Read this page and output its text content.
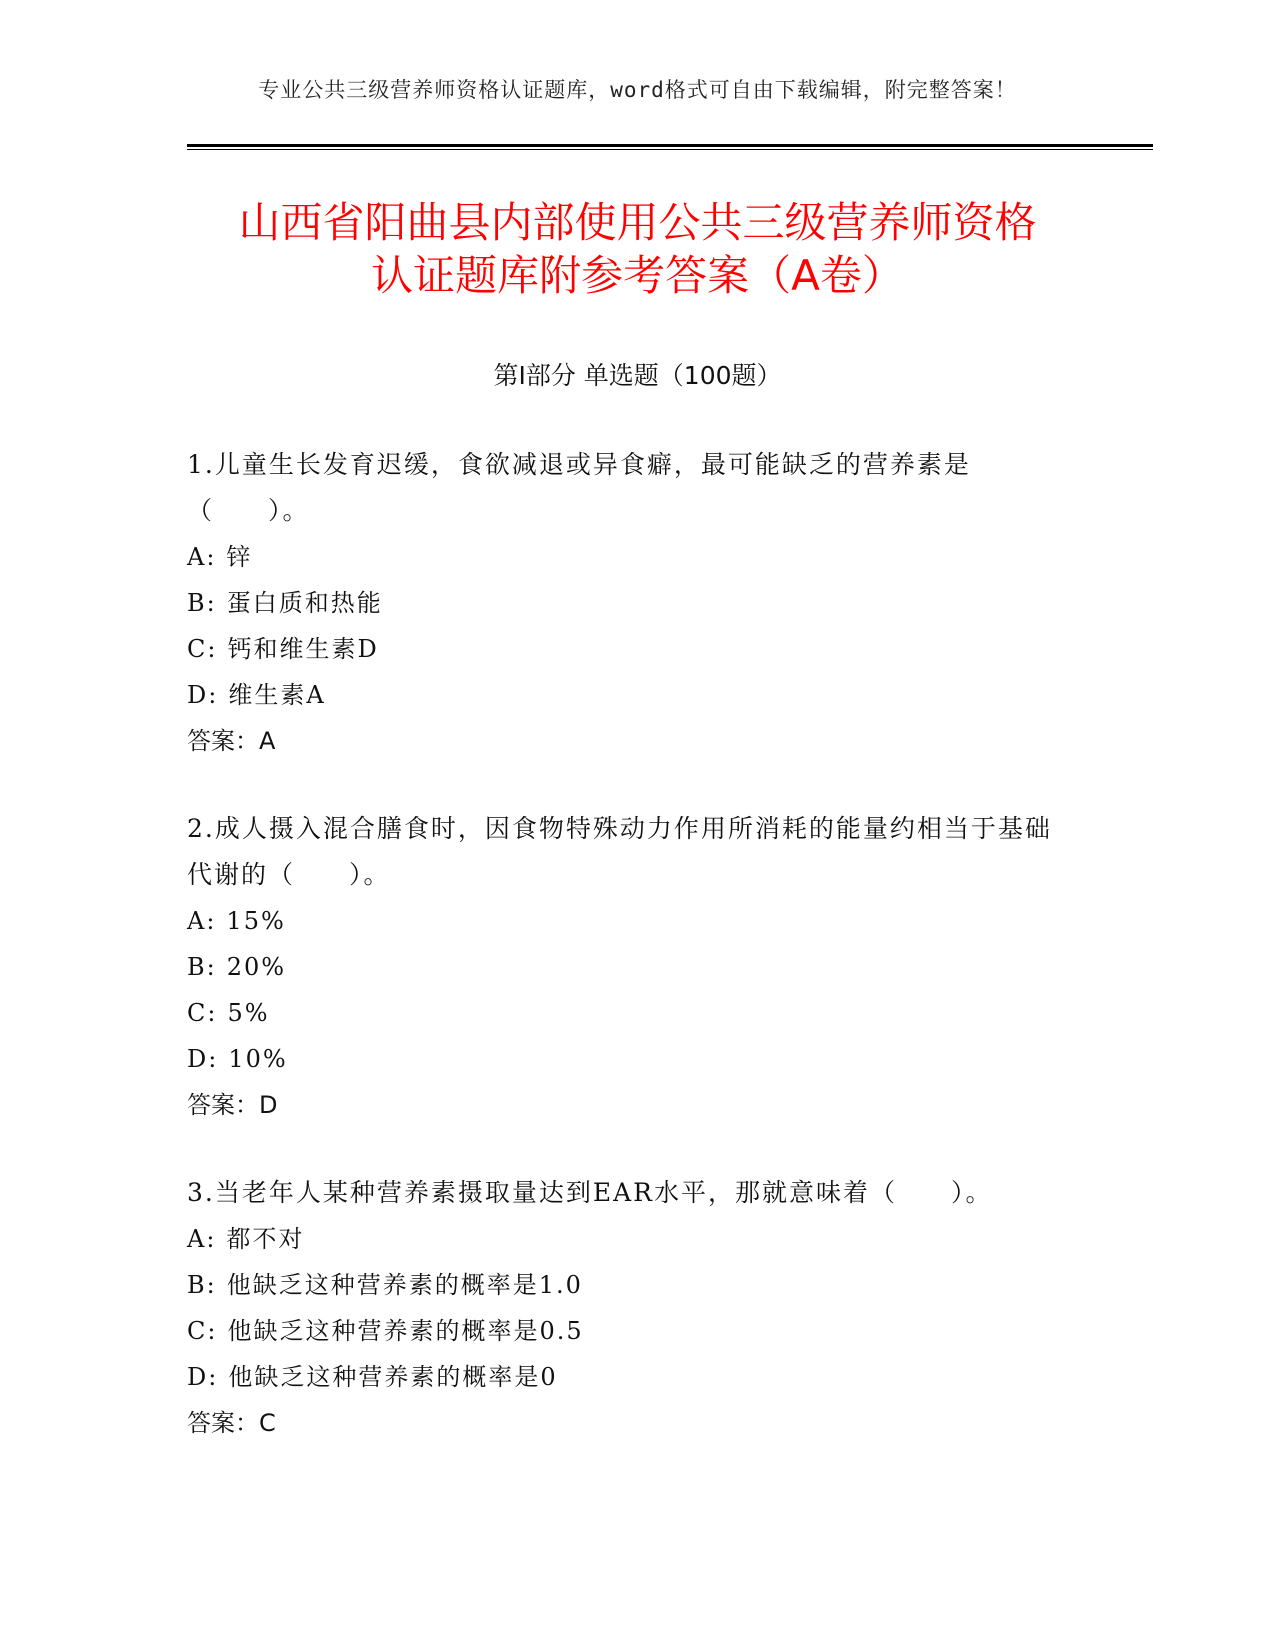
专业公共三级营养师资格认证题库，word格式可自由下载编辑，附完整答案！
山西省阳曲县内部使用公共三级营养师资格
认证题库附参考答案（A卷）
第Ⅰ部分 单选题（100题）
1.儿童生长发育迟缓，食欲减退或异食癖，最可能缺乏的营养素是（　　）。
A: 锌
B: 蛋白质和热能
C: 钙和维生素D
D: 维生素A
答案：A
2.成人摄入混合膳食时，因食物特殊动力作用所消耗的能量约相当于基础代谢的（　　）。
A: 15%
B: 20%
C: 5%
D: 10%
答案：D
3.当老年人某种营养素摄取量达到EAR水平，那就意味着（　　）。
A: 都不对
B: 他缺乏这种营养素的概率是1.0
C: 他缺乏这种营养素的概率是0.5
D: 他缺乏这种营养素的概率是0
答案：C
